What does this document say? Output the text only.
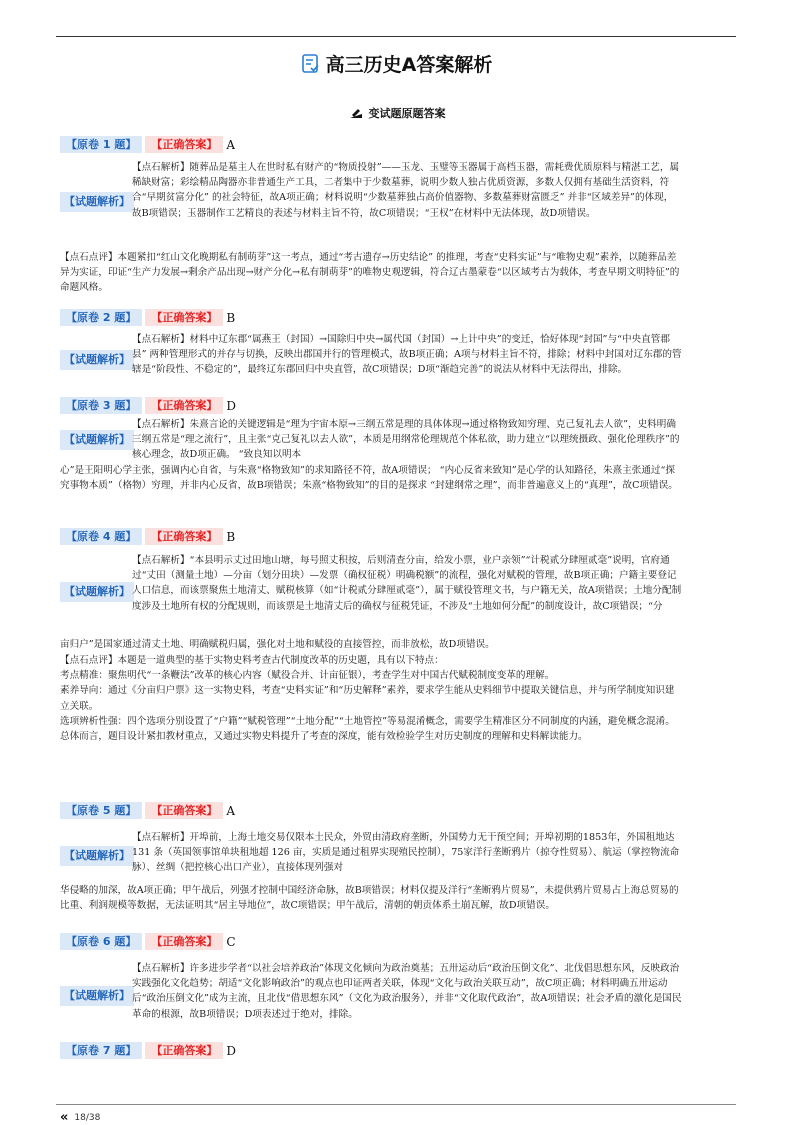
高三历史A答案解析
变试题原题答案
【原卷 1 题】	【正确答案】 A
【试题解析】
【点石解析】随葬品是墓主人在世时私有财产的“物质投射”——玉龙、玉璧等玉器属于高档玉器，需耗费优质原料与精湛工艺，属稀缺财富；彩绘精品陶器亦非普通生产工具，二者集中于少数墓葬，说明少数人独占优质资源，多数人仅拥有基础生活资料，符合“早期贫富分化” 的社会特征，故A项正确；材料说明“少数墓葬独占高价值器物、多数墓葬财富匮乏” 并非“区域差异”的体现，故B项错误；玉器制作工艺精良的表述与材料主旨不符，故C项错误；“王权”在材料中无法体现，故D项错误。
【点石点评】本题紧扣“红山文化晚期私有制萌芽”这一考点，通过“考古遗存→历史结论” 的推理，考查“史料实证”与“唯物史观”素养，以随葬品差异为实证，印证“生产力发展→剩余产品出现→财产分化→私有制萌芽”的唯物史观逻辑，符合辽古墨蒙卷“以区域考古为载体，考查早期文明特征”的命题风格。
【原卷 2 题】	【正确答案】 B
【试题解析】
【点石解析】材料中辽东郡“属燕王（封国）→国除归中央→属代国（封国）→上计中央”的变迁，恰好体现“封国”与“中央直管郡县” 两种管理形式的并存与切换，反映出郡国并行的管理模式，故B项正确；A项与材料主旨不符，排除；材料中封国对辽东郡的管辖是“阶段性、不稳定的”，最终辽东郡回归中央直管，故C项错误；D项“渐趋完善”的说法从材料中无法得出，排除。
【原卷 3 题】	【正确答案】 D
【试题解析】
【点石解析】朱熹言论的关键逻辑是“理为宇宙本原→三纲五常是理的具体体现→通过格物致知穷理、克己复礼去人欲”，史料明确三纲五常是“理之流行”，且主张“克己复礼以去人欲”，本质是用纲常伦理规范个体私欲，助力建立“以理统摄政、强化伦理秩序”的核心理念，故D项正确。 “致良知以明本
心”是王阳明心学主张，强调内心自省，与朱熹“格物致知”的求知路径不符，故A项错误； “内心反省来致知”是心学的认知路径，朱熹主张通过“探究事物本质”（格物）穷理，并非内心反省，故B项错误；朱熹“格物致知”的目的是探求 “封建纲常之理”，而非普遍意义上的“真理”，故C项错误。
【原卷 4 题】	【正确答案】 B
【试题解析】
【点石解析】“本县明示丈过田地山塘，每号照丈积按，后则清查分亩，给发小票，业户亲领”“计税贰分肆厘贰毫”说明，官府通过“丈田（测量土地）—分亩（划分田块）—发票（确权征税）明确税额”的流程，强化对赋税的管理，故B项正确；户籍主要登记人口信息，而该票聚焦土地清丈、赋税核算（如“计税贰分肆厘贰毫”），属于赋役管理文书，与户籍无关，故A项错误；土地分配制度涉及土地所有权的分配规则，而该票是土地清丈后的确权与征税凭证，不涉及“土地如何分配”的制度设计，故C项错误；“分
亩归户”是国家通过清丈土地、明确赋税归属，强化对土地和赋役的直接管控，而非放松，故D项错误。
【点石点评】本题是一道典型的基于实物史料考查古代制度改革的历史题，具有以下特点：
考点精准：聚焦明代“一条鞭法”改革的核心内容（赋役合并、计亩征银），考查学生对中国古代赋税制度变革的理解。
素养导向：通过《分亩归户票》这一实物史料，考查“史料实证”和“历史解释”素养，要求学生能从史料细节中提取关键信息，并与所学制度知识建立关联。
选项辨析性强：四个选项分别设置了“户籍”“赋税管理”“土地分配”“土地管控”等易混淆概念，需要学生精准区分不同制度的内涵，避免概念混淆。
总体而言，题目设计紧扣教材重点，又通过实物史料提升了考查的深度，能有效检验学生对历史制度的理解和史料解读能力。
【原卷 5 题】	【正确答案】 A
【试题解析】
【点石解析】开埠前，上海土地交易仅限本土民众，外贸由清政府垄断，外国势力无干预空间；开埠初期的1853年，外国租地达 131 条（英国领事馆单块租地超 126 亩，实质是通过租界实现殖民控制），75家洋行垄断鸦片（掠夺性贸易）、航运（掌控物流命脉）、丝绸（把控核心出口产业），直接体现列强对
华侵略的加深，故A项正确；甲午战后，列强才控制中国经济命脉，故B项错误；材料仅提及洋行“垄断鸦片贸易”，未提供鸦片贸易占上海总贸易的比重、利润规模等数据，无法证明其“居主导地位”，故C项错误；甲午战后，清朝的朝贡体系土崩瓦解，故D项错误。
【原卷 6 题】	【正确答案】 C
【试题解析】
【点石解析】许多进步学者“以社会培养政治”体现文化倾向为政治奠基；五卅运动后“政治压倒文化”、北伐倡思想东风，反映政治实践强化文化趋势；胡适“文化影响政治”的观点也印证两者关联，体现“文化与政治关联互动”，故C项正确；材料明确五卅运动后“政治压倒文化”成为主流，且北伐“借思想东风”（文化为政治服务），并非“文化取代政治”，故A项错误；社会矛盾的激化是国民革命的根源，故B项错误；D项表述过于绝对，排除。
【原卷 7 题】	【正确答案】 D
« 18/38
